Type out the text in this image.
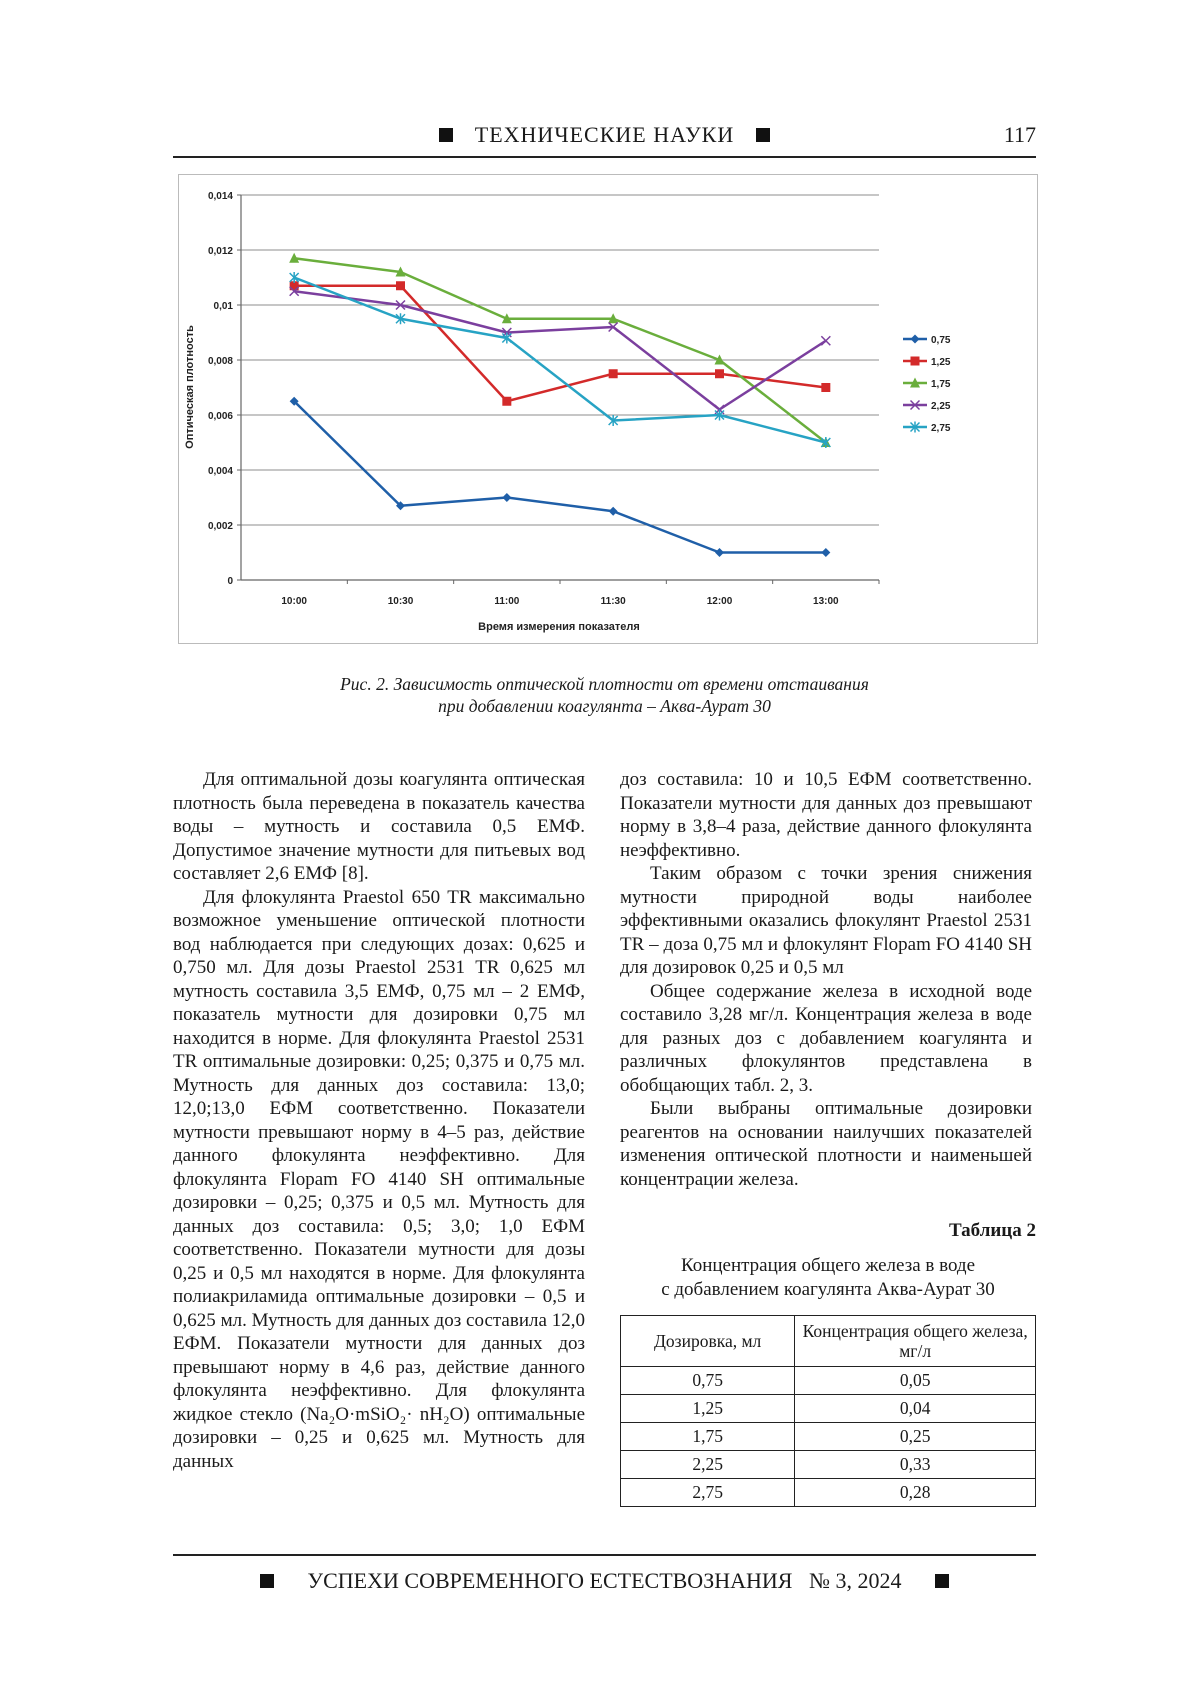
ТЕХНИЧЕСКИЕ НАУКИ	117
0
0,002
0,004
0,006
0,008
0,01
0,012
0,014
10:00	10:30	11:00	11:30	12:00	13:00
0,75
1,25
1,75
2,25
2,75
Время измерения показателя
Оптическая плотность
Рис. 2. Зависимость оптической плотности от времени отстаивания
при добавлении коагулянта – Аква-Аурат 30

Для оптимальной дозы коагулянта оптическая плотность была переведена в показатель качества воды – мутность и составила 0,5 ЕМФ. Допустимое значение мутности для питьевых вод составляет 2,6 ЕМФ [8].

Для флокулянта Praestol 650 TR максимально возможное уменьшение оптической плотности вод наблюдается при следующих дозах: 0,625 и 0,750 мл. Для дозы Praestol 2531 TR 0,625 мл мутность составила 3,5 ЕМФ, 0,75 мл – 2 ЕМФ, показатель мутности для дозировки 0,75 мл находится в норме. Для флокулянта Praestol 2531 TR оптимальные дозировки: 0,25; 0,375 и 0,75 мл. Мутность для данных доз составила: 13,0; 12,0;13,0 ЕФМ соответственно. Показатели мутности превышают норму в 4–5 раз, действие данного флокулянта неэффективно. Для флокулянта Flopam FO 4140 SH оптимальные дозировки – 0,25; 0,375 и 0,5 мл. Мутность для данных доз составила: 0,5; 3,0; 1,0 ЕФМ соответственно. Показатели мутности для дозы 0,25 и 0,5 мл находятся в норме. Для флокулянта полиакриламида оптимальные дозировки – 0,5 и 0,625 мл. Мутность для данных доз составила 12,0 ЕФМ. Показатели мутности для данных доз превышают норму в 4,6 раз, действие данного флокулянта неэффективно. Для флокулянта жидкое стекло (Na₂O·mSiO₂· nH₂O) оптимальные дозировки – 0,25 и 0,625 мл. Мутность для данных

доз составила: 10 и 10,5 ЕФМ соответственно. Показатели мутности для данных доз превышают норму в 3,8–4 раза, действие данного флокулянта неэффективно.

Таким образом с точки зрения снижения мутности природной воды наиболее эффективными оказались флокулянт Praestol 2531 TR – доза 0,75 мл и флокулянт Flopam FO 4140 SH для дозировок 0,25 и 0,5 мл

Общее содержание железа в исходной воде составило 3,28 мг/л. Концентрация железа в воде для разных доз с добавлением коагулянта и различных флокулянтов представлена в обобщающих табл. 2, 3.

Были выбраны оптимальные дозировки реагентов на основании наилучших показателей изменения оптической плотности и наименьшей концентрации железа.

Таблица 2
Концентрация общего железа в воде
с добавлением коагулянта Аква-Аурат 30
Дозировка, мл	Концентрация общего железа, мг/л
0,75	0,05
1,25	0,04
1,75	0,25
2,25	0,33
2,75	0,28
УСПЕХИ СОВРЕМЕННОГО ЕСТЕСТВОЗНАНИЯ № 3, 2024
